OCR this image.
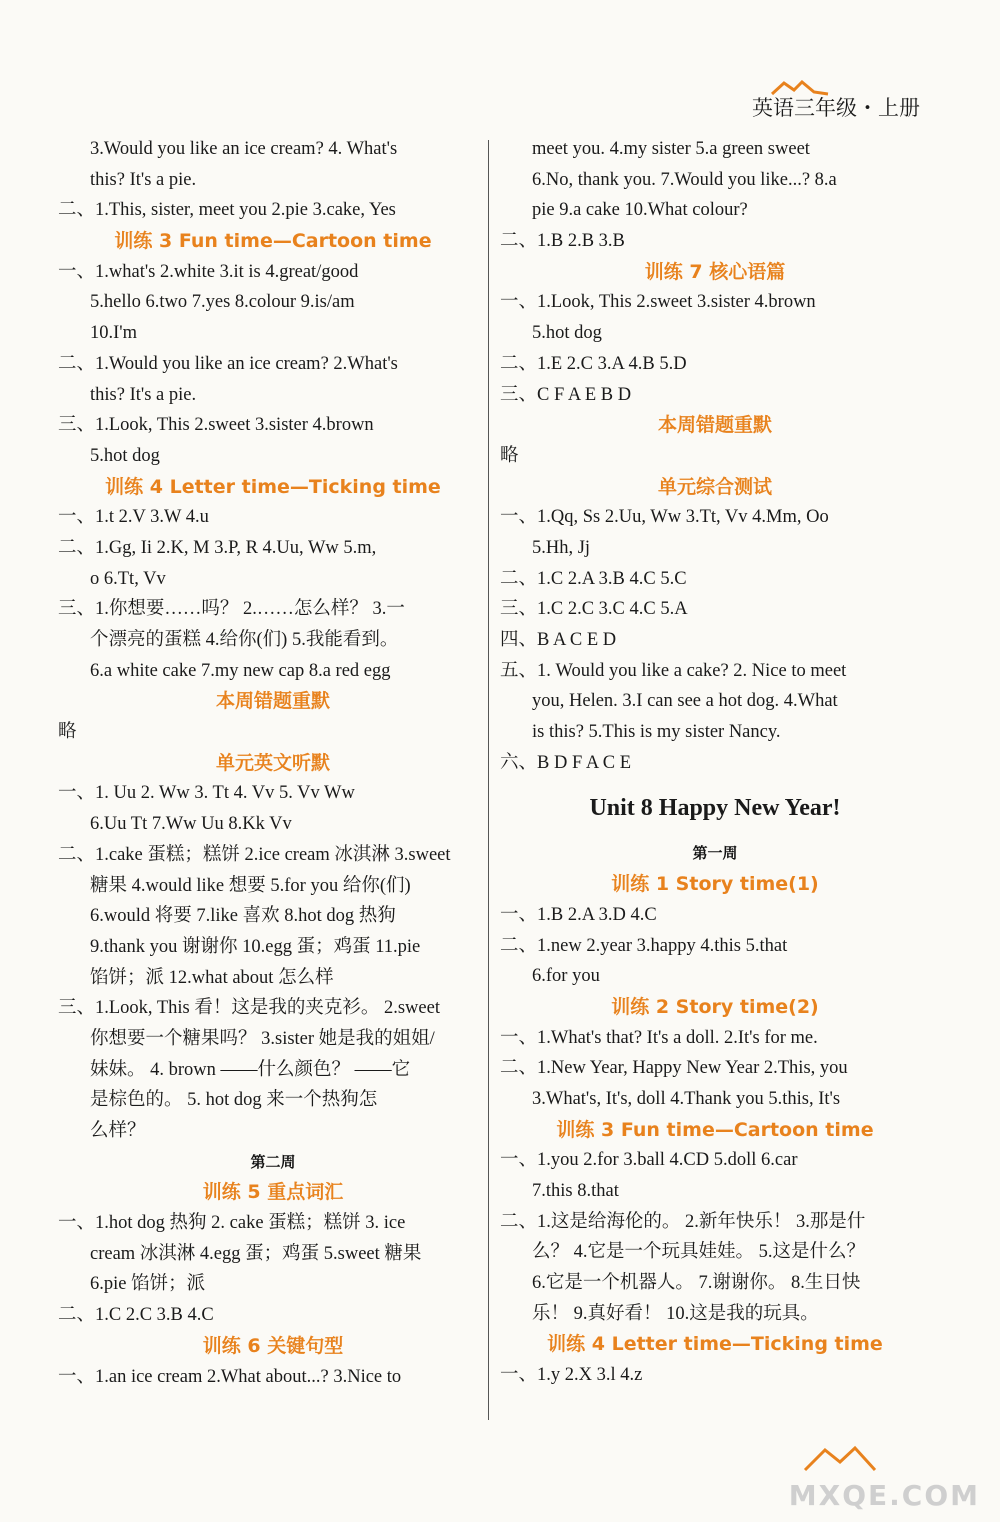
英语三年级・上册
3.Would you like an ice cream? 4. What's
this? It's a pie.
二、1.This, sister, meet you 2.pie 3.cake, Yes
训练 3 Fun time—Cartoon time
一、1.what's 2.white 3.it is 4.great/good
5.hello 6.two 7.yes 8.colour 9.is/am
10.I'm
二、1.Would you like an ice cream? 2.What's
this? It's a pie.
三、1.Look, This 2.sweet 3.sister 4.brown
5.hot dog
训练 4 Letter time—Ticking time
一、1.t 2.V 3.W 4.u
二、1.Gg, Ii 2.K, M 3.P, R 4.Uu, Ww 5.m,
o 6.Tt, Vv
三、1.你想要……吗？ 2.……怎么样？ 3.一
个漂亮的蛋糕 4.给你(们) 5.我能看到。
6.a white cake 7.my new cap 8.a red egg
本周错题重默
略
单元英文听默
一、1. Uu 2. Ww 3. Tt 4. Vv 5. Vv Ww
6.Uu Tt 7.Ww Uu 8.Kk Vv
二、1.cake 蛋糕；糕饼 2.ice cream 冰淇淋 3.sweet
糖果 4.would like 想要 5.for you 给你(们)
6.would 将要 7.like 喜欢 8.hot dog 热狗
9.thank you 谢谢你 10.egg 蛋；鸡蛋 11.pie
馅饼；派 12.what about 怎么样
三、1.Look, This 看！这是我的夹克衫。 2.sweet
你想要一个糖果吗？ 3.sister 她是我的姐姐/
妹妹。 4. brown ——什么颜色？ ——它
是棕色的。 5. hot dog 来一个热狗怎
么样？
第二周
训练 5 重点词汇
一、1.hot dog 热狗 2. cake 蛋糕；糕饼 3. ice
cream 冰淇淋 4.egg 蛋；鸡蛋 5.sweet 糖果
6.pie 馅饼；派
二、1.C 2.C 3.B 4.C
训练 6 关键句型
一、1.an ice cream 2.What about...? 3.Nice to
meet you. 4.my sister 5.a green sweet
6.No, thank you. 7.Would you like...? 8.a
pie 9.a cake 10.What colour?
二、1.B 2.B 3.B
训练 7 核心语篇
一、1.Look, This 2.sweet 3.sister 4.brown
5.hot dog
二、1.E 2.C 3.A 4.B 5.D
三、C F A E B D
本周错题重默
略
单元综合测试
一、1.Qq, Ss 2.Uu, Ww 3.Tt, Vv 4.Mm, Oo
5.Hh, Jj
二、1.C 2.A 3.B 4.C 5.C
三、1.C 2.C 3.C 4.C 5.A
四、B A C E D
五、1. Would you like a cake? 2. Nice to meet
you, Helen. 3.I can see a hot dog. 4.What
is this? 5.This is my sister Nancy.
六、B D F A C E
Unit 8 Happy New Year!
第一周
训练 1 Story time(1)
一、1.B 2.A 3.D 4.C
二、1.new 2.year 3.happy 4.this 5.that
6.for you
训练 2 Story time(2)
一、1.What's that? It's a doll. 2.It's for me.
二、1.New Year, Happy New Year 2.This, you
3.What's, It's, doll 4.Thank you 5.this, It's
训练 3 Fun time—Cartoon time
一、1.you 2.for 3.ball 4.CD 5.doll 6.car
7.this 8.that
二、1.这是给海伦的。 2.新年快乐！ 3.那是什
么？ 4.它是一个玩具娃娃。 5.这是什么？
6.它是一个机器人。 7.谢谢你。 8.生日快
乐！ 9.真好看！ 10.这是我的玩具。
训练 4 Letter time—Ticking time
一、1.y 2.X 3.l 4.z
MXQE.COM
